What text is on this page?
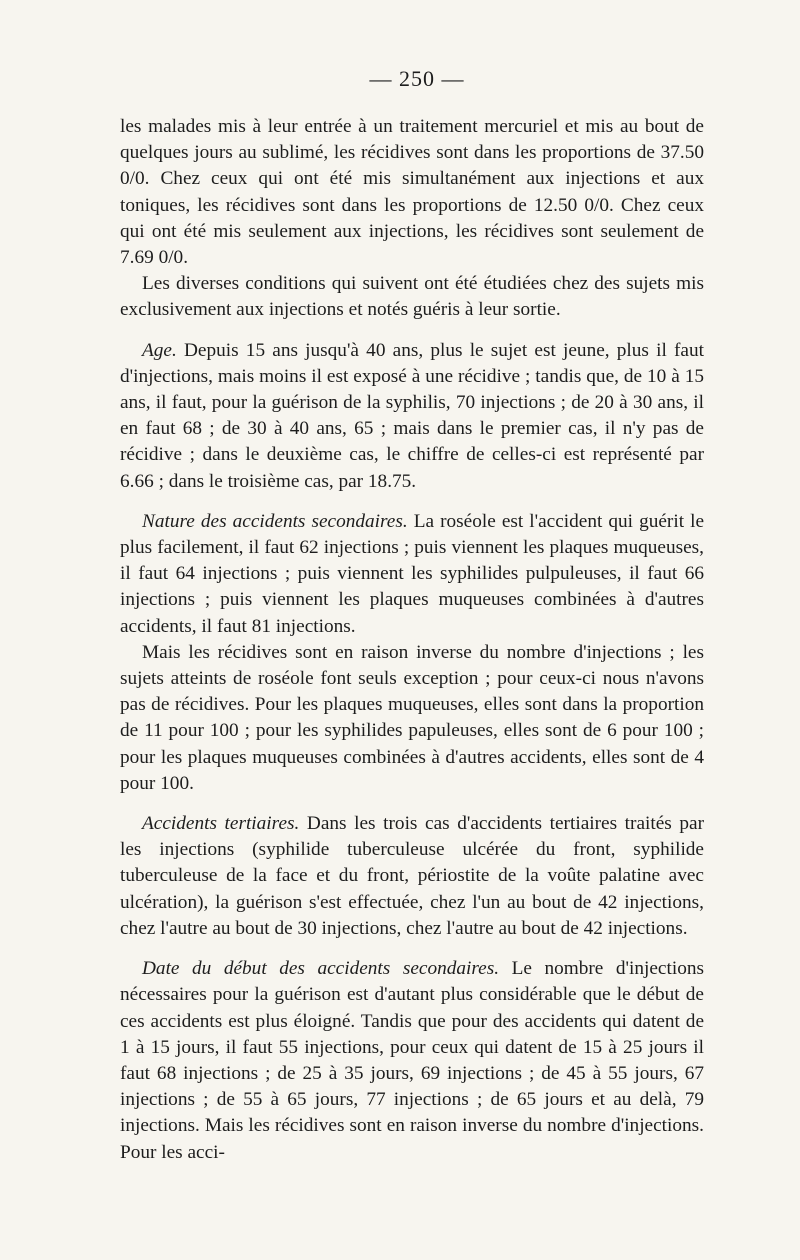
— 250 —

les malades mis à leur entrée à un traitement mercuriel et mis au bout de quelques jours au sublimé, les récidives sont dans les proportions de 37.50 0/0. Chez ceux qui ont été mis simultanément aux injections et aux toniques, les récidives sont dans les proportions de 12.50 0/0. Chez ceux qui ont été mis seulement aux injections, les récidives sont seulement de 7.69 0/0.

Les diverses conditions qui suivent ont été étudiées chez des sujets mis exclusivement aux injections et notés guéris à leur sortie.

Age. Depuis 15 ans jusqu'à 40 ans, plus le sujet est jeune, plus il faut d'injections, mais moins il est exposé à une récidive ; tandis que, de 10 à 15 ans, il faut, pour la guérison de la syphilis, 70 injections ; de 20 à 30 ans, il en faut 68 ; de 30 à 40 ans, 65 ; mais dans le premier cas, il n'y pas de récidive ; dans le deuxième cas, le chiffre de celles-ci est représenté par 6.66 ; dans le troisième cas, par 18.75.

Nature des accidents secondaires. La roséole est l'accident qui guérit le plus facilement, il faut 62 injections ; puis viennent les plaques muqueuses, il faut 64 injections ; puis viennent les syphilides pulpuleuses, il faut 66 injections ; puis viennent les plaques muqueuses combinées à d'autres accidents, il faut 81 injections.

Mais les récidives sont en raison inverse du nombre d'injections ; les sujets atteints de roséole font seuls exception ; pour ceux-ci nous n'avons pas de récidives. Pour les plaques muqueuses, elles sont dans la proportion de 11 pour 100 ; pour les syphilides papuleuses, elles sont de 6 pour 100 ; pour les plaques muqueuses combinées à d'autres accidents, elles sont de 4 pour 100.

Accidents tertiaires. Dans les trois cas d'accidents tertiaires traités par les injections (syphilide tuberculeuse ulcérée du front, syphilide tuberculeuse de la face et du front, périostite de la voûte palatine avec ulcération), la guérison s'est effectuée, chez l'un au bout de 42 injections, chez l'autre au bout de 30 injections, chez l'autre au bout de 42 injections.

Date du début des accidents secondaires. Le nombre d'injections nécessaires pour la guérison est d'autant plus considérable que le début de ces accidents est plus éloigné. Tandis que pour des accidents qui datent de 1 à 15 jours, il faut 55 injections, pour ceux qui datent de 15 à 25 jours il faut 68 injections ; de 25 à 35 jours, 69 injections ; de 45 à 55 jours, 67 injections ; de 55 à 65 jours, 77 injections ; de 65 jours et au delà, 79 injections. Mais les récidives sont en raison inverse du nombre d'injections. Pour les acci-
